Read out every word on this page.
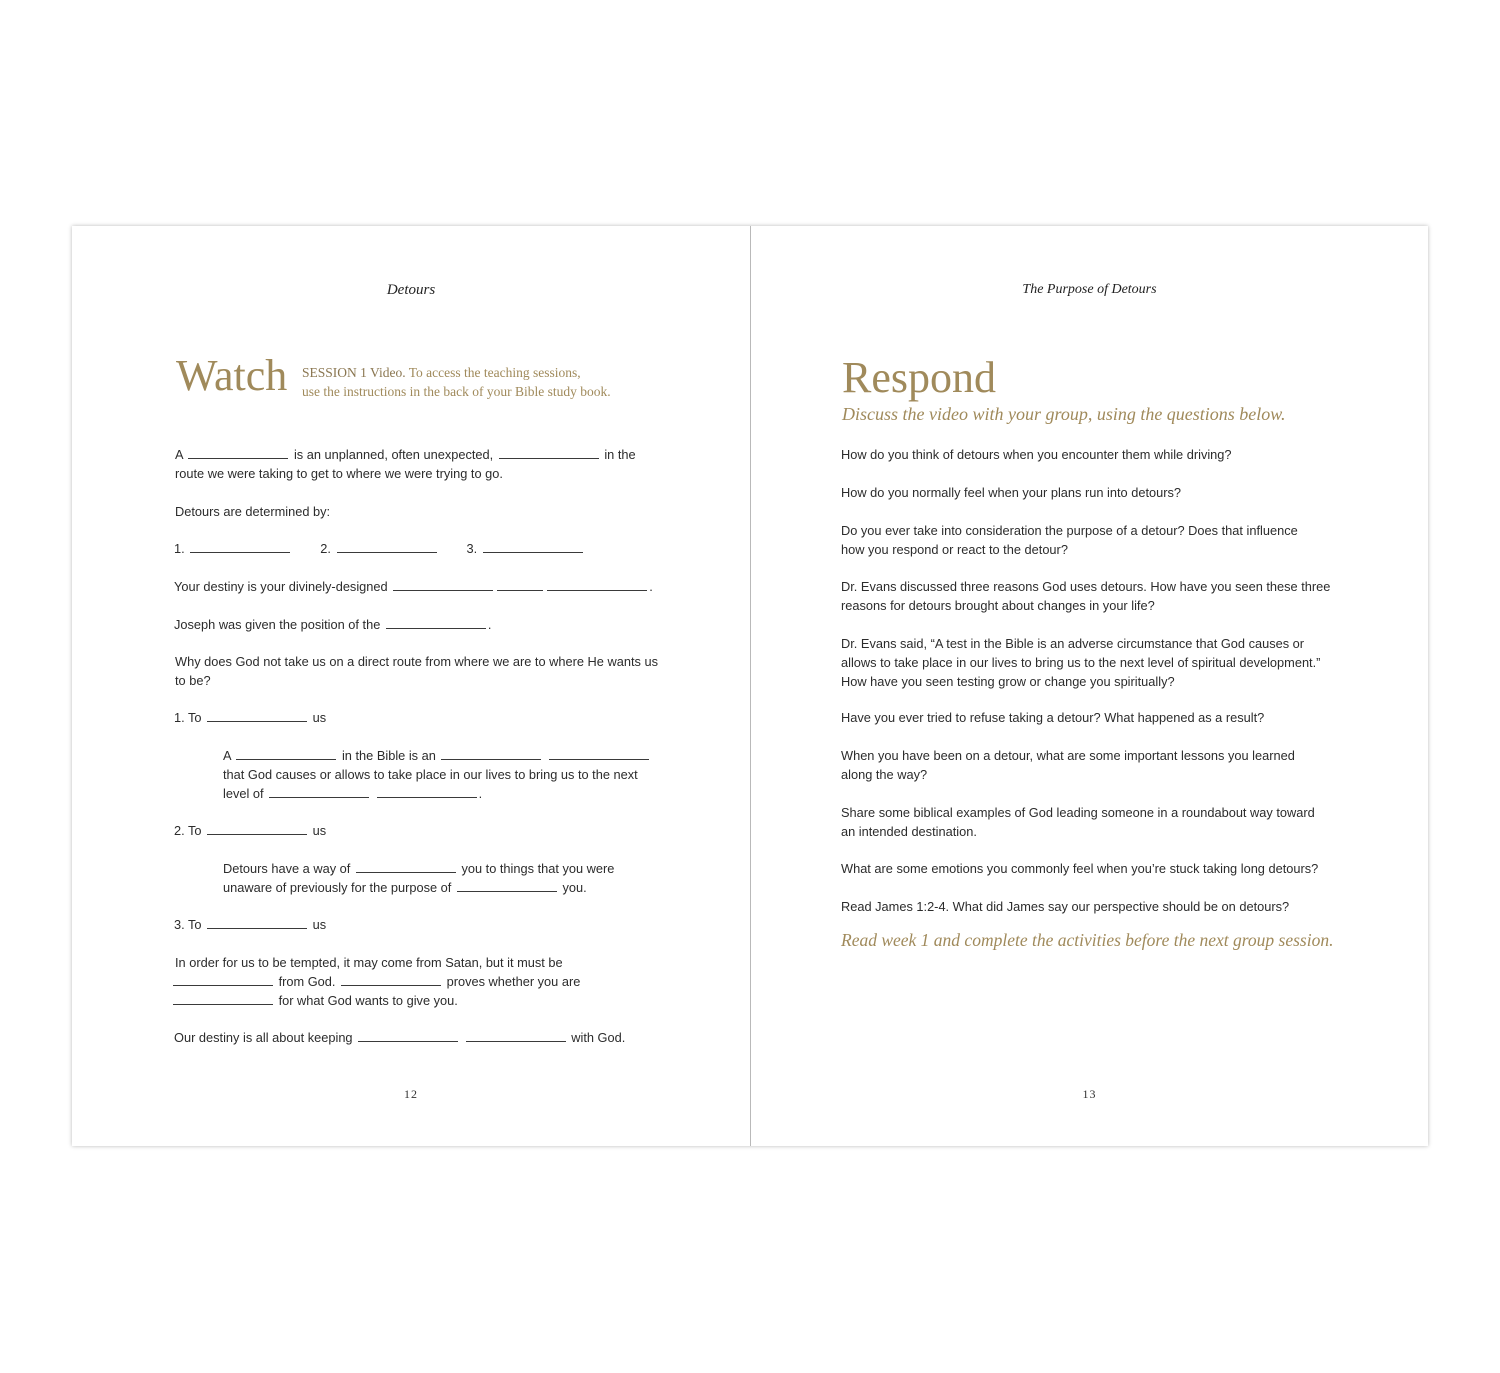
Detours
Watch SESSION 1 Video. To access the teaching sessions,
use the instructions in the back of your Bible study book.

A	is an unplanned, often unexpected,	in the

route we were taking to get to where we were trying to go.

Detours are determined by:

1.	2.	3.

Your destiny is your divinely-designed	.

Joseph was given the position of the	.

Why does God not take us on a direct route from where we are to where He wants us

to be?

1. To	us

A	in the Bible is an

that God causes or allows to take place in our lives to bring us to the next

level of	.

2. To	us

Detours have a way of	you to things that you were

unaware of previously for the purpose of	you.

3. To	us

In order for us to be tempted, it may come from Satan, but it must be

from God.	proves whether you are

for what God wants to give you.

Our destiny is all about keeping	with God.

12
The Purpose of Detours
Respond
Discuss the video with your group, using the questions below.

How do you think of detours when you encounter them while driving?

How do you normally feel when your plans run into detours?

Do you ever take into consideration the purpose of a detour? Does that influence how you respond or react to the detour?

Dr. Evans discussed three reasons God uses detours. How have you seen these three reasons for detours brought about changes in your life?

Dr. Evans said, “A test in the Bible is an adverse circumstance that God causes or allows to take place in our lives to bring us to the next level of spiritual development.” How have you seen testing grow or change you spiritually?

Have you ever tried to refuse taking a detour? What happened as a result?

When you have been on a detour, what are some important lessons you learned along the way?

Share some biblical examples of God leading someone in a roundabout way toward an intended destination.

What are some emotions you commonly feel when you’re stuck taking long detours?

Read James 1:2-4. What did James say our perspective should be on detours?

Read week 1 and complete the activities before the next group session.
13
